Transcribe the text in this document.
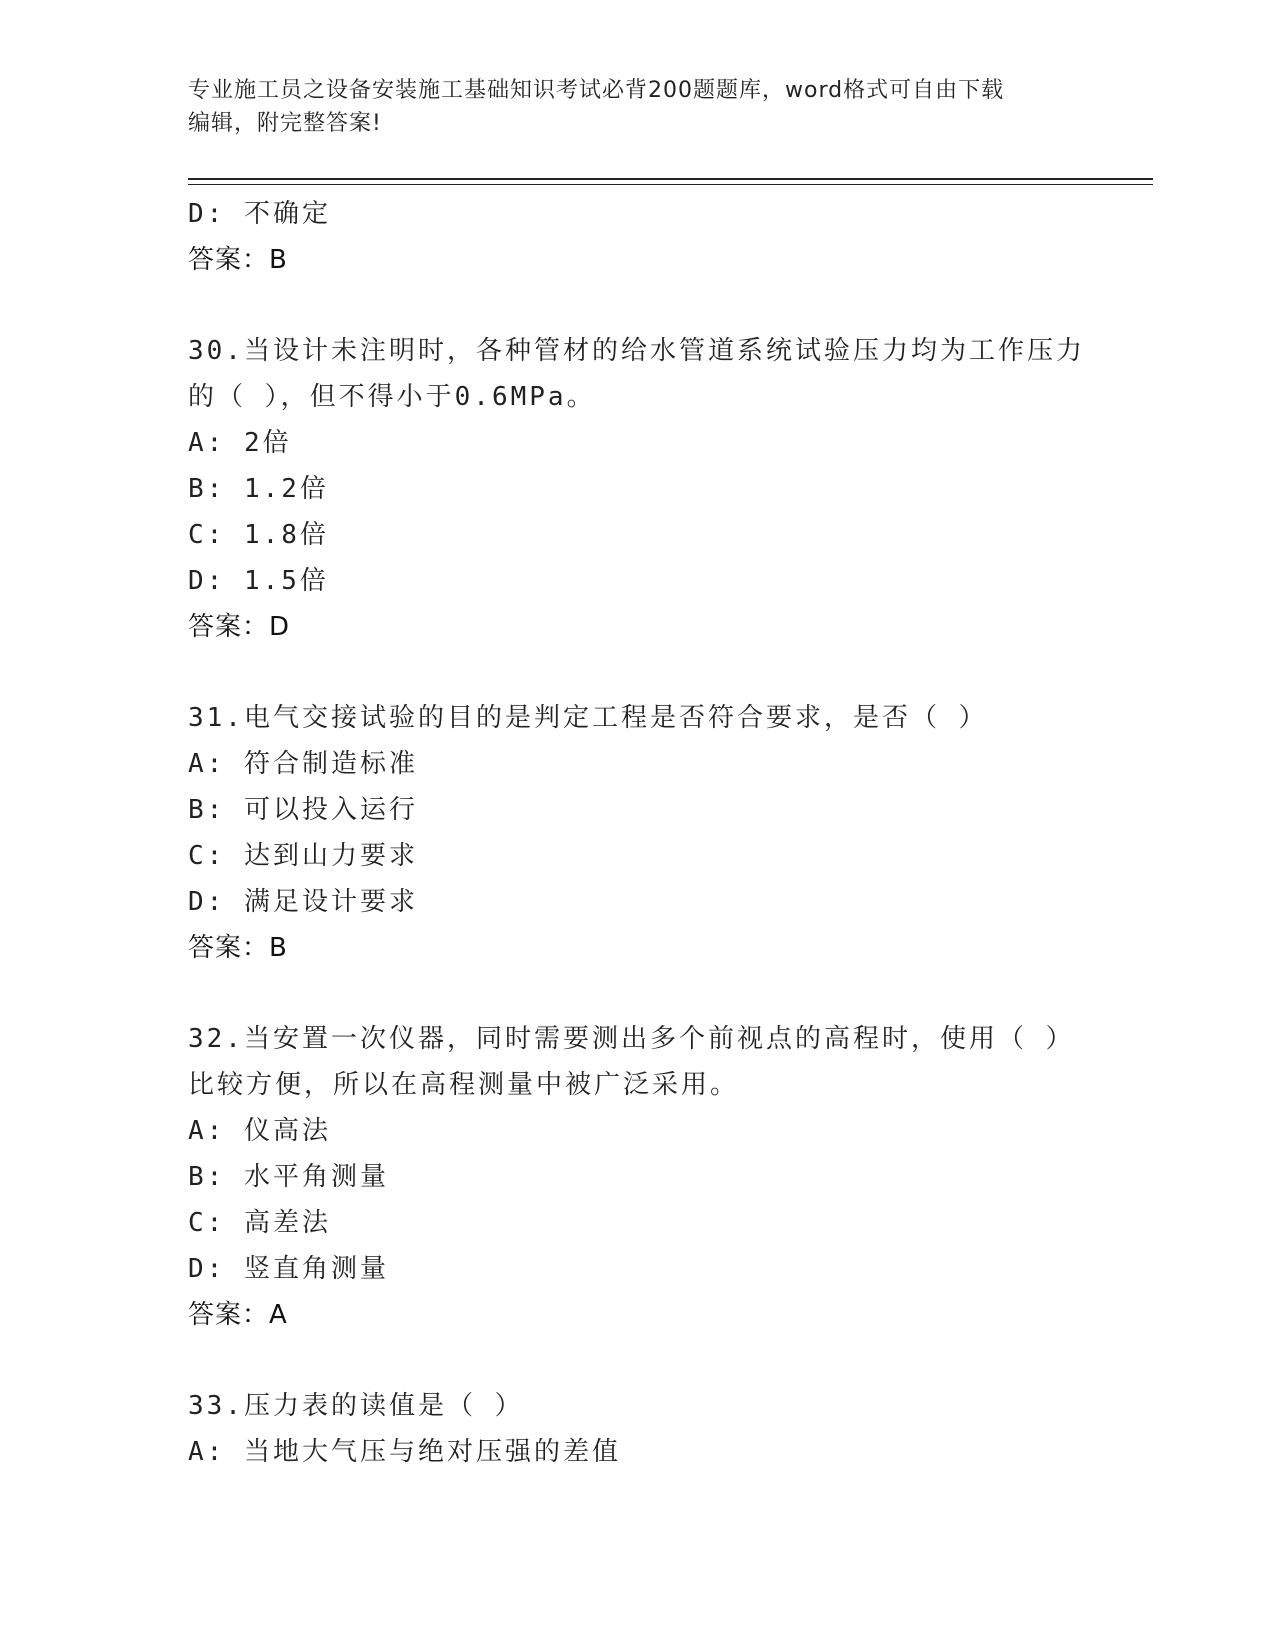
专业施工员之设备安装施工基础知识考试必背200题题库，word格式可自由下载
编辑，附完整答案!
D: 不确定
答案：B
30.当设计未注明时，各种管材的给水管道系统试验压力均为工作压力
的（ ），但不得小于0.6MPa。
A: 2倍
B: 1.2倍
C: 1.8倍
D: 1.5倍
答案：D
31.电气交接试验的目的是判定工程是否符合要求，是否（ ）
A: 符合制造标准
B: 可以投入运行
C: 达到山力要求
D: 满足设计要求
答案：B
32.当安置一次仪器，同时需要测出多个前视点的高程时，使用（ ）
比较方便，所以在高程测量中被广泛采用。
A: 仪高法
B: 水平角测量
C: 高差法
D: 竖直角测量
答案：A
33.压力表的读值是（ ）
A: 当地大气压与绝对压强的差值
